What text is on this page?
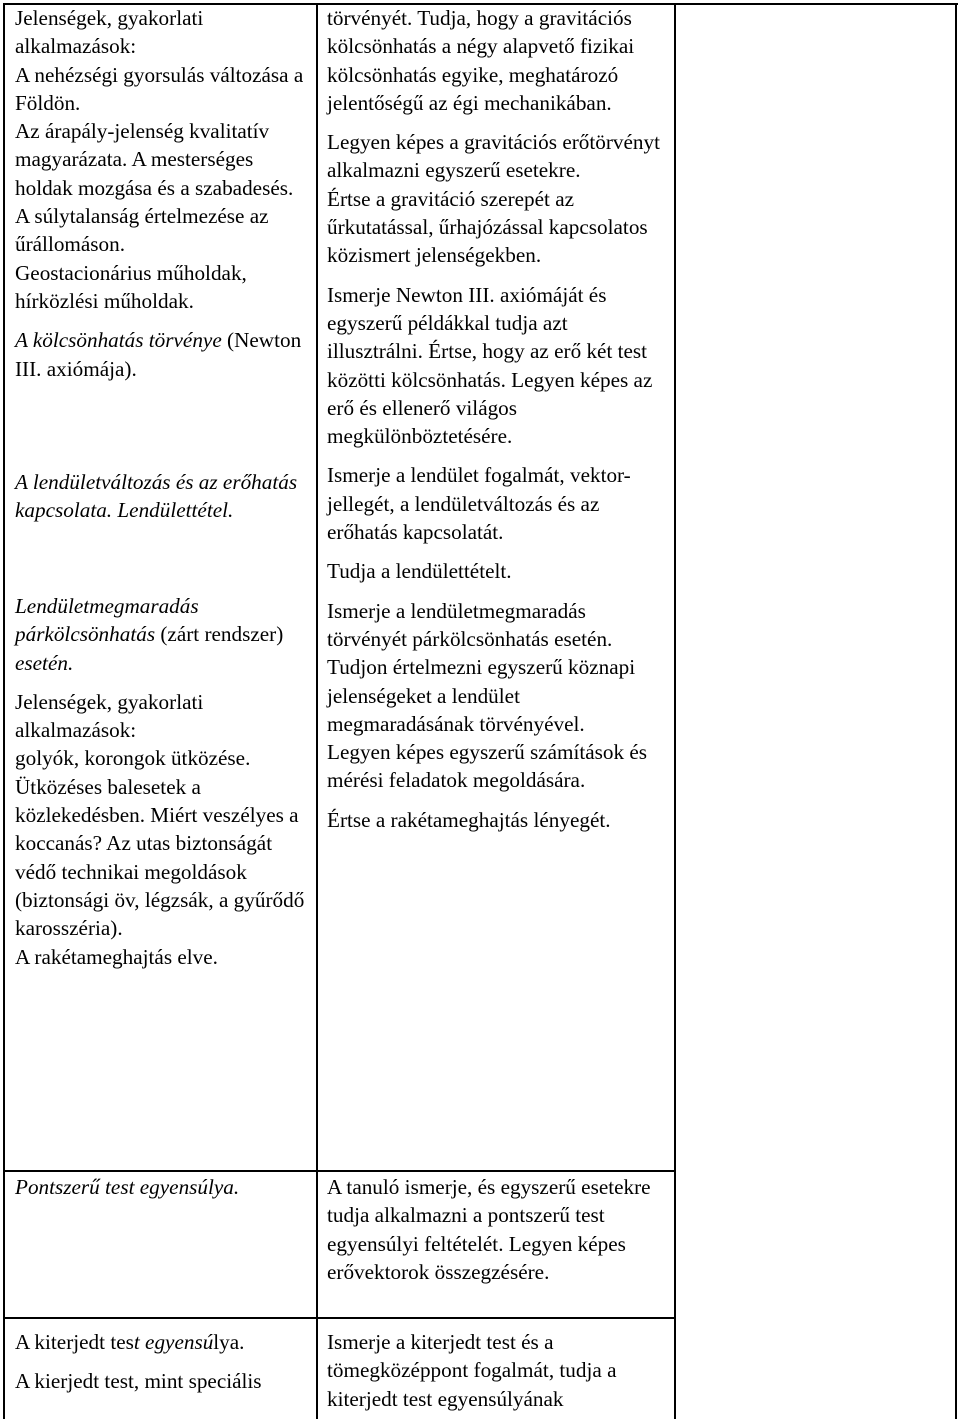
Jelenségek, gyakorlati alkalmazások:

A nehézségi gyorsulás változása a Földön.

Az árapály-jelenség kvalitatív magyarázata. A mesterséges holdak mozgása és a szabadesés.

A súlytalanság értelmezése az űrállomáson.

Geostacionárius műholdak, hírközlési műholdak.

A kölcsönhatás törvénye (Newton III. axiómája).

A lendületváltozás és az erőhatás kapcsolata. Lendülettétel.

Lendületmegmaradás párkölcsönhatás (zárt rendszer) esetén.

Jelenségek, gyakorlati alkalmazások:

golyók, korongok ütközése.

Ütközéses balesetek a közlekedésben. Miért veszélyes a koccanás? Az utas biztonságát védő technikai megoldások (biztonsági öv, légzsák, a gyűrődő karosszéria).

A rakétameghajtás elve.

törvényét. Tudja, hogy a gravitációs kölcsönhatás a négy alapvető fizikai kölcsönhatás egyike, meghatározó jelentőségű az égi mechanikában.

Legyen képes a gravitációs erőtörvényt alkalmazni egyszerű esetekre.

Értse a gravitáció szerepét az űrkutatással, űrhajózással kapcsolatos közismert jelenségekben.

Ismerje Newton III. axiómáját és egyszerű példákkal tudja azt illusztrálni. Értse, hogy az erő két test közötti kölcsönhatás. Legyen képes az erő és ellenerő világos megkülönböztetésére.

Ismerje a lendület fogalmát, vektor-jellegét, a lendületváltozás és az erőhatás kapcsolatát.

Tudja a lendülettételt.

Ismerje a lendületmegmaradás törvényét párkölcsönhatás esetén. Tudjon értelmezni egyszerű köznapi jelenségeket a lendület megmaradásának törvényével.

Legyen képes egyszerű számítások és mérési feladatok megoldására.

Értse a rakétameghajtás lényegét.

Pontszerű test egyensúlya.	A tanuló ismerje, és egyszerű esetekre tudja alkalmazni a pontszerű test egyensúlyi feltételét. Legyen képes erővektorok összegzésére.

A kiterjedt test egyensúlya.

A kierjedt test, mint speciális

Ismerje a kiterjedt test és a tömegközéppont fogalmát, tudja a kiterjedt test egyensúlyának
